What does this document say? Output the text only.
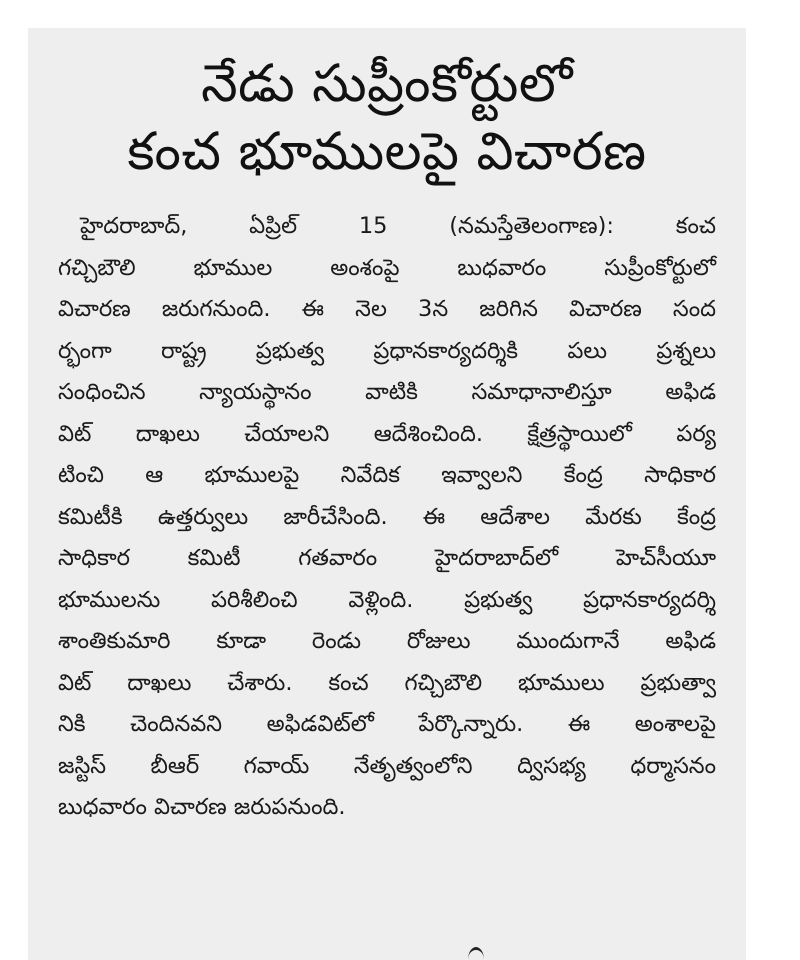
నేడు సుప్రీంకోర్టులో
కంచ భూములపై విచారణ
హైదరాబాద్, ఏప్రిల్ 15 (నమస్తేతెలంగాణ): కంచ
గచ్చిబౌలి భూముల అంశంపై బుధవారం సుప్రీంకోర్టులో
విచారణ జరుగనుంది. ఈ నెల 3న జరిగిన విచారణ సంద
ర్భంగా రాష్ట్ర ప్రభుత్వ ప్రధానకార్యదర్శికి పలు ప్రశ్నలు
సంధించిన న్యాయస్థానం వాటికి సమాధానాలిస్తూ అఫిడ
విట్ దాఖలు చేయాలని ఆదేశించింది. క్షేత్రస్థాయిలో పర్య
టించి ఆ భూములపై నివేదిక ఇవ్వాలని కేంద్ర సాధికార
కమిటీకి ఉత్తర్వులు జారీచేసింది. ఈ ఆదేశాల మేరకు కేంద్ర
సాధికార కమిటీ గతవారం హైదరాబాద్‌లో హెచ్‌సీయూ
భూములను పరిశీలించి వెళ్లింది. ప్రభుత్వ ప్రధానకార్యదర్శి
శాంతికుమారి కూడా రెండు రోజులు ముందుగానే అఫిడ
విట్ దాఖలు చేశారు. కంచ గచ్చిబౌలి భూములు ప్రభుత్వా
నికి చెందినవని అఫిడవిట్‌లో పేర్కొన్నారు. ఈ అంశాలపై
జస్టిస్ బీఆర్ గవాయ్ నేతృత్వంలోని ద్విసభ్య ధర్మాసనం
బుధవారం విచారణ జరుపనుంది.
